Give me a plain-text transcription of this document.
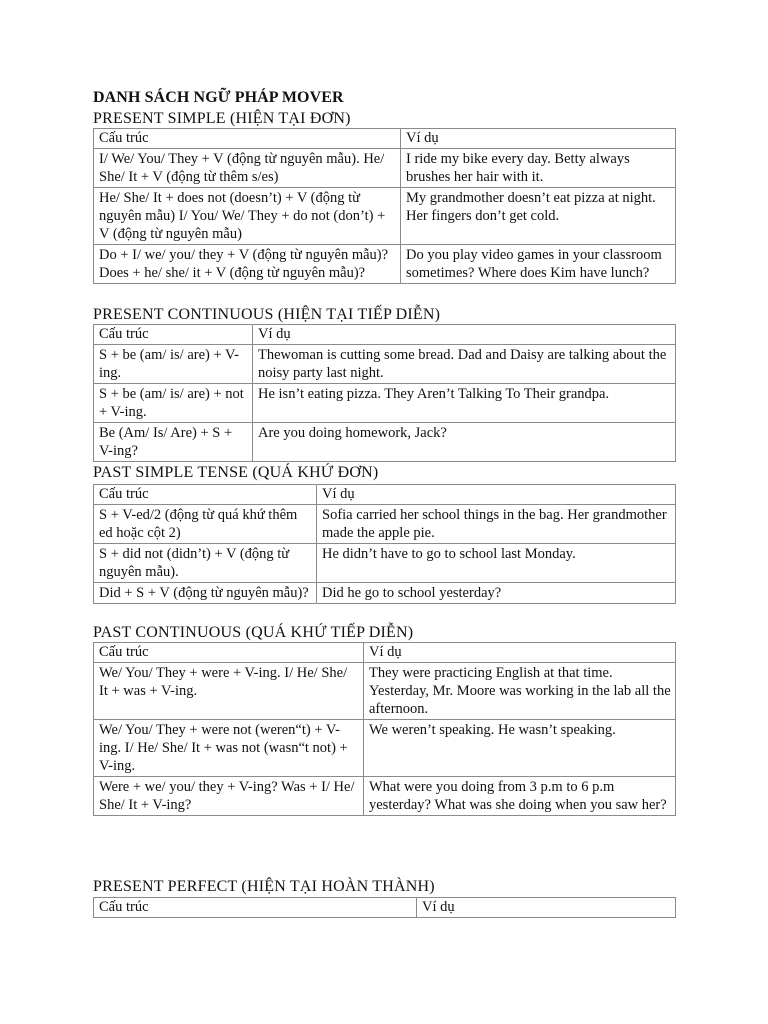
DANH SÁCH NGỮ PHÁP MOVER
PRESENT SIMPLE (HIỆN TẠI ĐƠN)
Cấu trúc	Ví dụ
I/ We/ You/ They + V (động từ nguyên mẫu). He/ She/ It + V (động từ thêm s/es)	I ride my bike every day. Betty always brushes her hair with it.
He/ She/ It + does not (doesn’t) + V (động từ nguyên mẫu) I/ You/ We/ They + do not (don’t) + V (động từ nguyên mẫu)	My grandmother doesn’t eat pizza at night. Her fingers don’t get cold.
Do + I/ we/ you/ they + V (động từ nguyên mẫu)? Does + he/ she/ it + V (động từ nguyên mẫu)?	Do you play video games in your classroom sometimes? Where does Kim have lunch?
PRESENT CONTINUOUS (HIỆN TẠI TIẾP DIỄN)
Cấu trúc	Ví dụ
S + be (am/ is/ are) + V-ing.	Thewoman is cutting some bread. Dad and Daisy are talking about the noisy party last night.
S + be (am/ is/ are) + not + V-ing.	He isn’t eating pizza. They Aren’t Talking To Their grandpa.
Be (Am/ Is/ Are) + S + V-ing?	Are you doing homework, Jack?
PAST SIMPLE TENSE (QUÁ KHỨ ĐƠN)
Cấu trúc	Ví dụ
S + V-ed/2 (động từ quá khứ thêm ed hoặc cột 2)	Sofia carried her school things in the bag. Her grandmother made the apple pie.
S + did not (didn’t) + V (động từ nguyên mẫu).	He didn’t have to go to school last Monday.
Did + S + V (động từ nguyên mẫu)?	Did he go to school yesterday?
PAST CONTINUOUS (QUÁ KHỨ TIẾP DIỄN)
Cấu trúc	Ví dụ
We/ You/ They + were + V-ing. I/ He/ She/ It + was + V-ing.	They were practicing English at that time. Yesterday, Mr. Moore was working in the lab all the afternoon.
We/ You/ They + were not (weren“t) + V-ing. I/ He/ She/ It + was not (wasn“t not) + V-ing.	We weren’t speaking. He wasn’t speaking.
Were + we/ you/ they + V-ing? Was + I/ He/ She/ It + V-ing?	What were you doing from 3 p.m to 6 p.m yesterday? What was she doing when you saw her?
PRESENT PERFECT (HIỆN TẠI HOÀN THÀNH)
Cấu trúc	Ví dụ
